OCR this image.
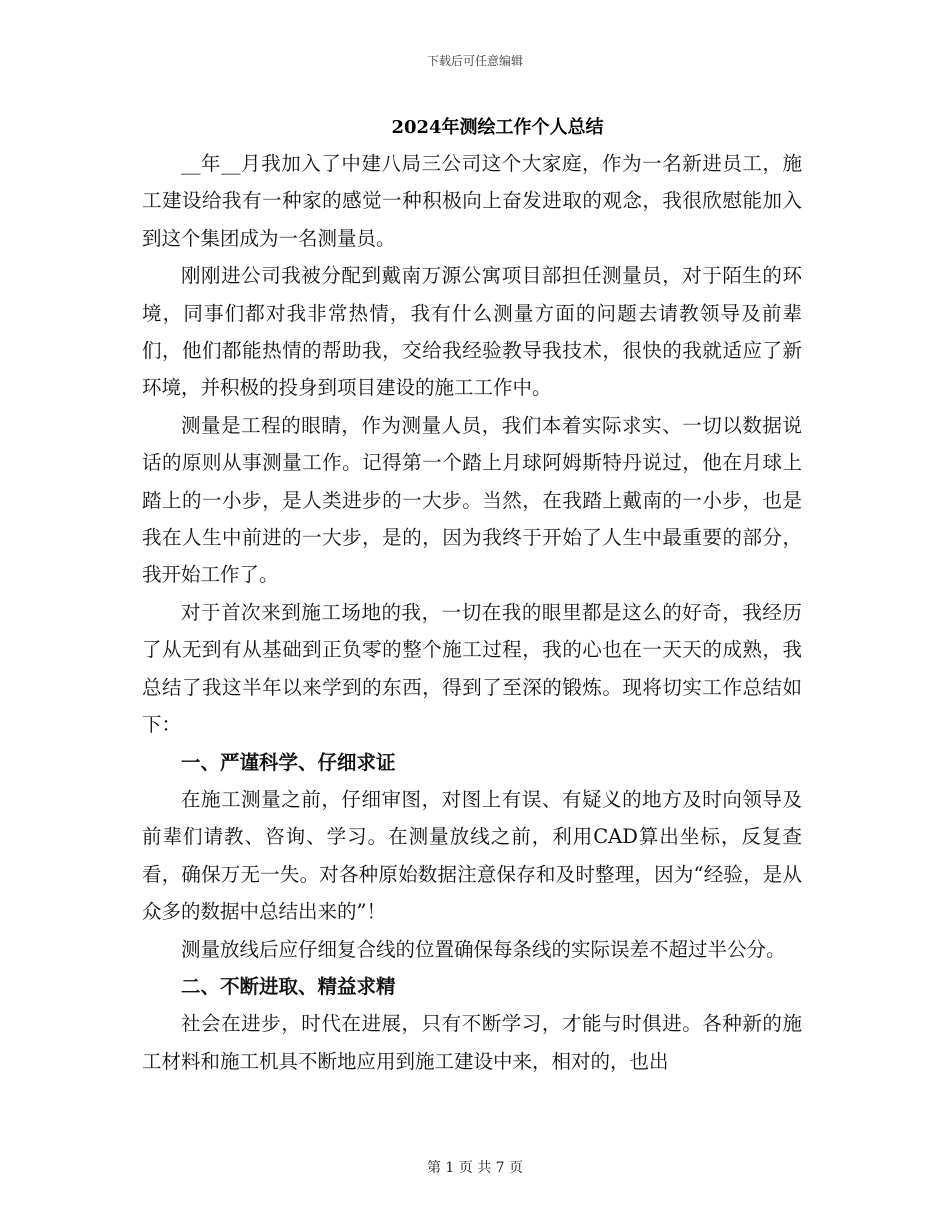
下载后可任意编辑
2024年测绘工作个人总结

__年__月我加入了中建八局三公司这个大家庭，作为一名新进员工，施工建设给我有一种家的感觉一种积极向上奋发进取的观念，我很欣慰能加入到这个集团成为一名测量员。

刚刚进公司我被分配到戴南万源公寓项目部担任测量员，对于陌生的环境，同事们都对我非常热情，我有什么测量方面的问题去请教领导及前辈们，他们都能热情的帮助我，交给我经验教导我技术，很快的我就适应了新环境，并积极的投身到项目建设的施工工作中。

测量是工程的眼睛，作为测量人员，我们本着实际求实、一切以数据说话的原则从事测量工作。记得第一个踏上月球阿姆斯特丹说过，他在月球上踏上的一小步，是人类进步的一大步。当然，在我踏上戴南的一小步，也是我在人生中前进的一大步，是的，因为我终于开始了人生中最重要的部分，我开始工作了。

对于首次来到施工场地的我，一切在我的眼里都是这么的好奇，我经历了从无到有从基础到正负零的整个施工过程，我的心也在一天天的成熟，我总结了我这半年以来学到的东西，得到了至深的锻炼。现将切实工作总结如下：

一、严谨科学、仔细求证

在施工测量之前，仔细审图，对图上有误、有疑义的地方及时向领导及前辈们请教、咨询、学习。在测量放线之前，利用CAD算出坐标，反复查看，确保万无一失。对各种原始数据注意保存和及时整理，因为“经验，是从众多的数据中总结出来的”！

测量放线后应仔细复合线的位置确保每条线的实际误差不超过半公分。

二、不断进取、精益求精

社会在进步，时代在进展，只有不断学习，才能与时俱进。各种新的施工材料和施工机具不断地应用到施工建设中来，相对的，也出

第 1 页 共 7 页
